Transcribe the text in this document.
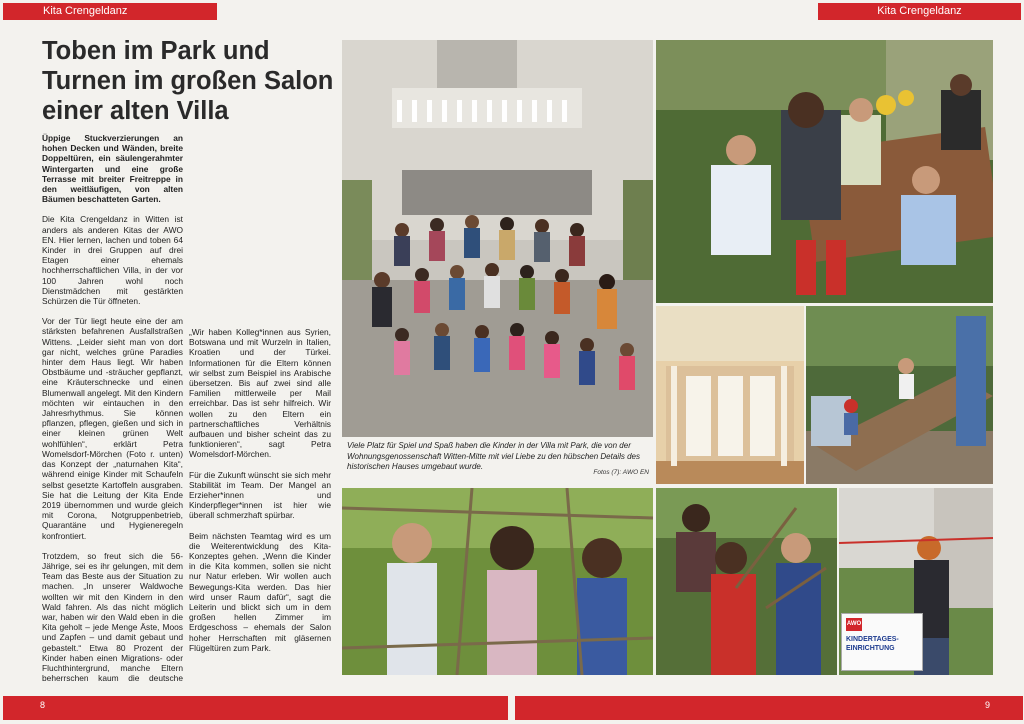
Kita Crengeldanz	Kita Crengeldanz
Toben im Park und Turnen im großen Salon einer alten Villa

Üppige Stuckverzierungen an hohen Decken und Wänden, breite Doppeltüren, ein säulengerahmter Wintergarten und eine große Terrasse mit breiter Freitreppe in den weitläufigen, von alten Bäumen beschatteten Garten.

Die Kita Crengeldanz in Witten ist anders als anderen Kitas der AWO EN. Hier lernen, lachen und toben 64 Kinder in drei Gruppen auf drei Etagen einer ehemals hochherrschaftlichen Villa, in der vor 100 Jahren wohl noch Dienstmädchen mit gestärkten Schürzen die Tür öffneten.

Vor der Tür liegt heute eine der am stärksten befahrenen Ausfallstraßen Wittens. „Leider sieht man von dort gar nicht, welches grüne Paradies hinter dem Haus liegt. Wir haben Obstbäume und -sträucher gepflanzt, eine Kräuterschnecke und einen Blumenwall angelegt. Mit den Kindern möchten wir eintauchen in den Jahresrhythmus. Sie können pflanzen, pflegen, gießen und sich in einer kleinen grünen Welt wohlfühlen“, erklärt Petra Womelsdorf-Mörchen (Foto r. unten) das Konzept der „naturnahen Kita“, während einige Kinder mit Schaufeln selbst gesetzte Kartoffeln ausgraben. Sie hat die Leitung der Kita Ende 2019 übernommen und wurde gleich mit Corona, Notgruppenbetrieb, Quarantäne und Hygieneregeln konfrontiert.

Trotzdem, so freut sich die 56-Jährige, sei es ihr gelungen, mit dem Team das Beste aus der Situation zu machen. „In unserer Waldwoche wollten wir mit den Kindern in den Wald fahren. Als das nicht möglich war, haben wir den Wald eben in die Kita geholt – jede Menge Äste, Moos und Zapfen – und damit gebaut und gebastelt.“ Etwa 80 Prozent der Kinder haben einen Migrations- oder Fluchthintergrund, manche Eltern beherrschen kaum die deutsche

„Wir haben Kolleg*innen aus Syrien, Botswana und mit Wurzeln in Italien, Kroatien und der Türkei. Informationen für die Eltern können wir selbst zum Beispiel ins Arabische übersetzen. Bis auf zwei sind alle Familien mittlerweile per Mail erreichbar. Das ist sehr hilfreich. Wir wollen zu den Eltern ein partnerschaftliches Verhältnis aufbauen und bisher scheint das zu funktionieren“, sagt Petra Womelsdorf-Mörchen.

Für die Zukunft wünscht sie sich mehr Stabilität im Team. Der Mangel an Erzieher*innen und Kinderpfleger*innen ist hier wie überall schmerzhaft spürbar.

Beim nächsten Teamtag wird es um die Weiterentwicklung des Kita-Konzeptes gehen. „Wenn die Kinder in die Kita kommen, sollen sie nicht nur Natur erleben. Wir wollen auch Bewegungs-Kita werden. Das hier wird unser Raum dafür“, sagt die Leiterin und blickt sich um in dem großen hellen Zimmer im Erdgeschoss – ehemals der Salon hoher Herrschaften mit gläsernen Flügeltüren zum Park.

Viele Platz für Spiel und Spaß haben die Kinder in der Villa mit Park, die von der Wohnungsgenossenschaft Witten-Mitte mit viel Liebe zu den hübschen Details des historischen Hauses umgebaut wurde.
Fotos (7): AWO EN
AWO
KINDERTAGES-
EINRICHTUNG
8	9
